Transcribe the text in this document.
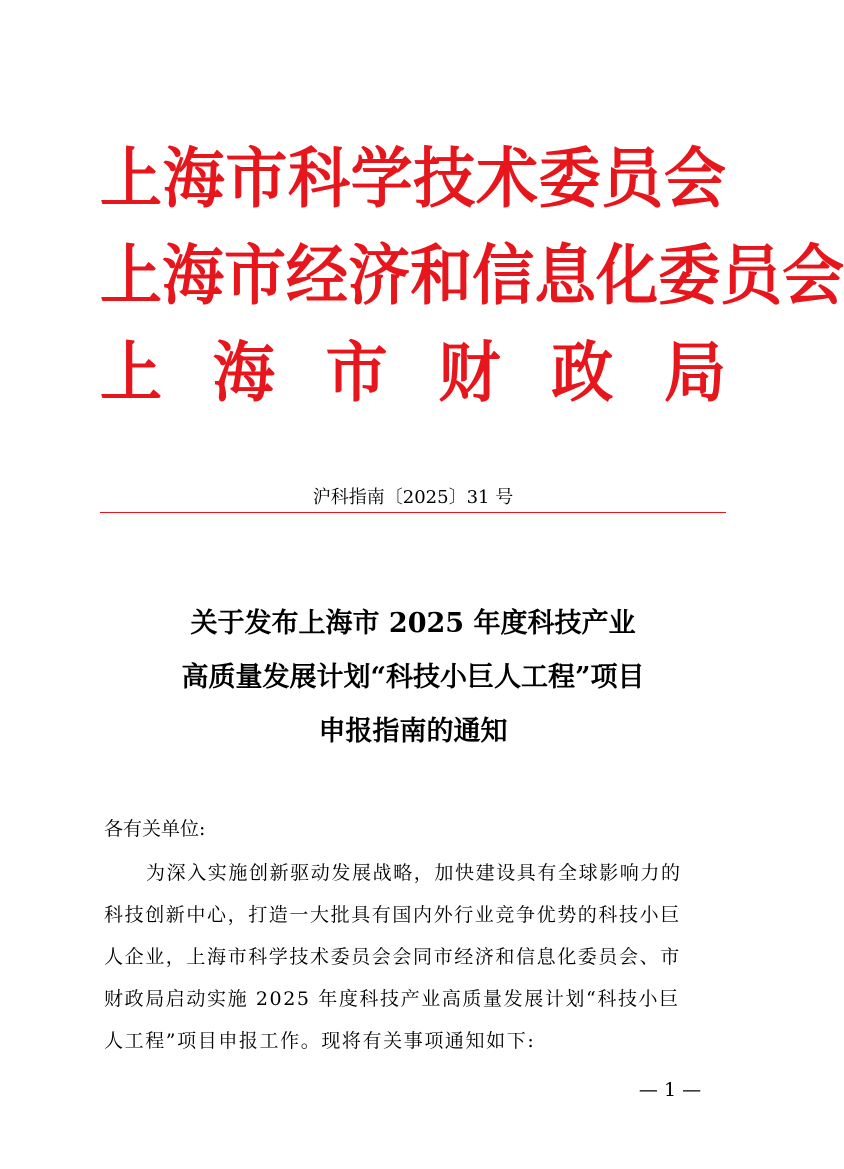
上 海 市 科 学 技 术 委 员 会
上 海 市 经 济 和 信 息 化 委 员 会
上 海 市 财 政 局
沪科指南〔2025〕31 号
关于发布上海市 2025 年度科技产业
高质量发展计划“科技小巨人工程”项目
申报指南的通知
各有关单位:
为深入实施创新驱动发展战略，加快建设具有全球影响力的
科技创新中心，打造一大批具有国内外行业竞争优势的科技小巨
人企业，上海市科学技术委员会会同市经济和信息化委员会、市
财政局启动实施 2025 年度科技产业高质量发展计划“科技小巨
人工程”项目申报工作。现将有关事项通知如下:
— 1 —
